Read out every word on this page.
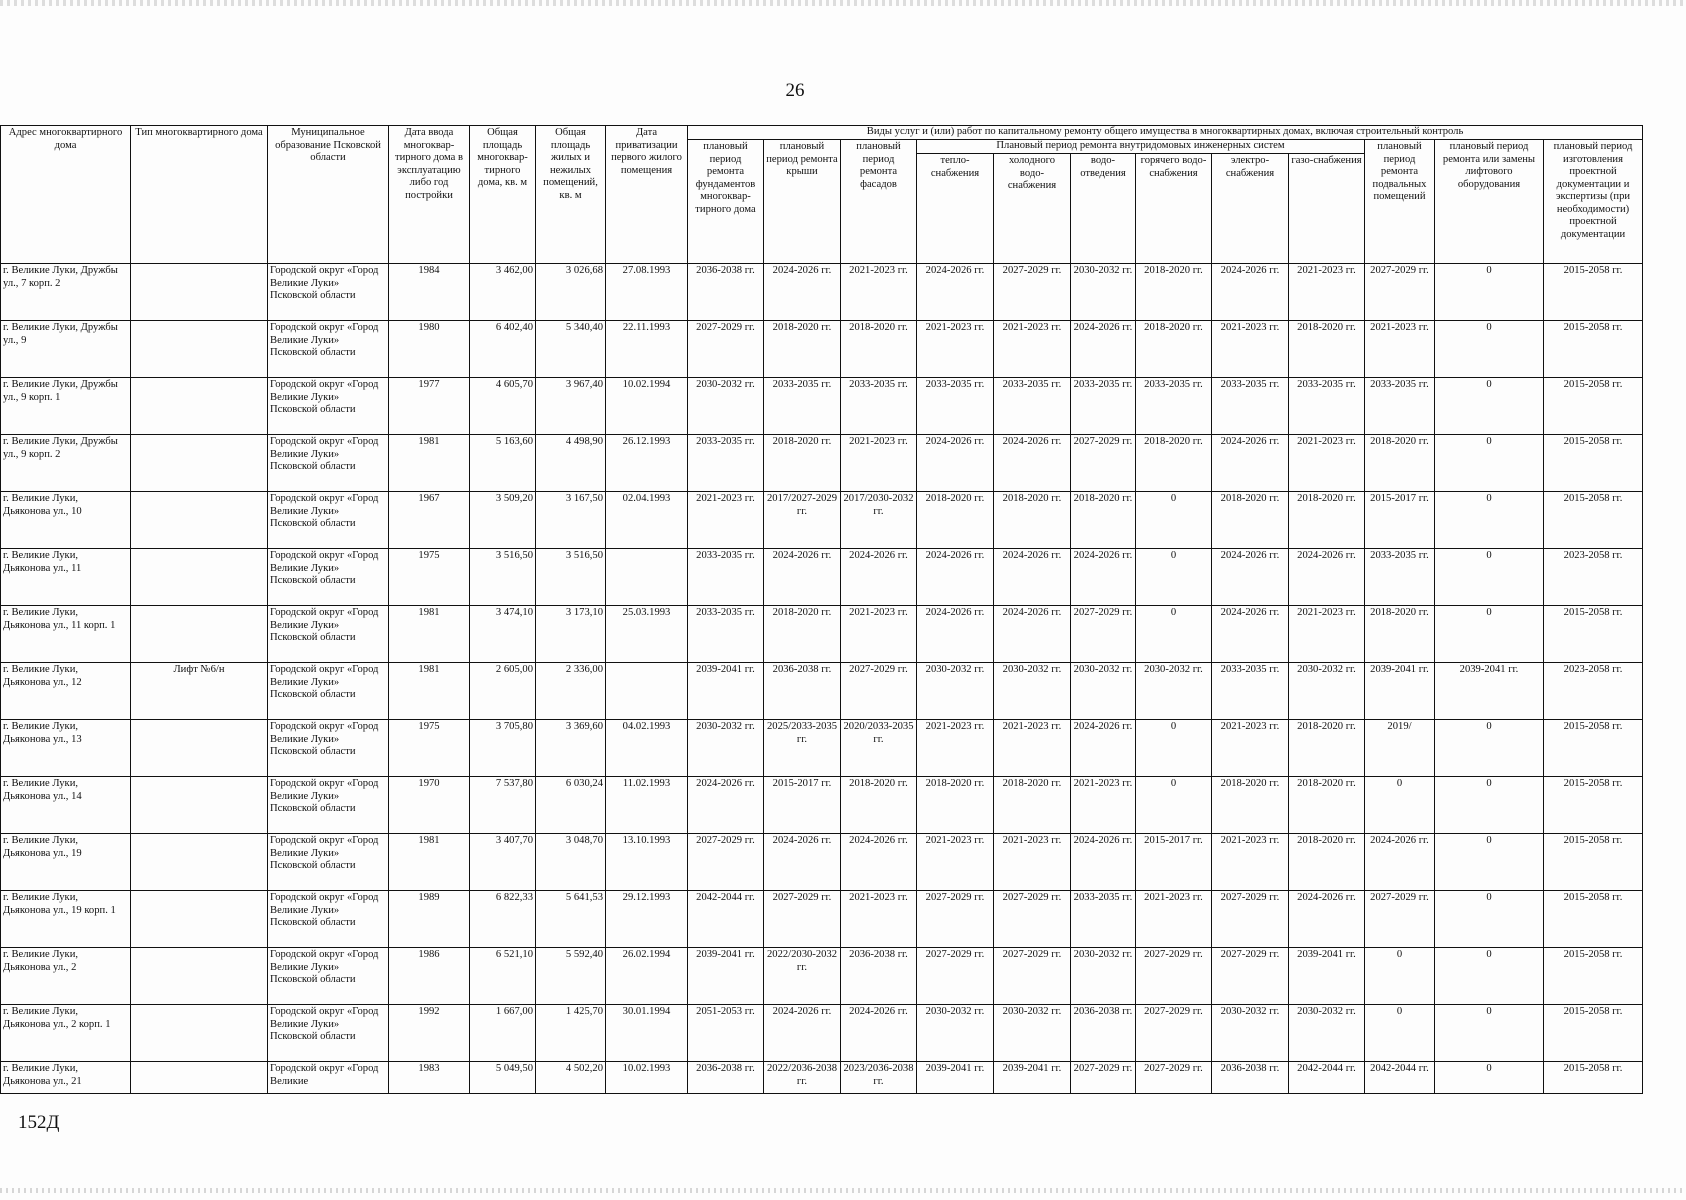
26
Адрес многоквартирного дома	Тип многоквартирного дома	Муниципальное образование Псковской области	Дата ввода многоквар-тирного дома в эксплуатацию либо год постройки	Общая площадь многоквар-тирного дома, кв. м	Общая площадь жилых и нежилых помещений, кв. м	Дата приватизации первого жилого помещения	Виды услуг и (или) работ по капитальному ремонту общего имущества в многоквартирных домах, включая строительный контроль											
							плановый период ремонта фундаментов многоквар-тирного дома	плановый период ремонта крыши	плановый период ремонта фасадов	Плановый период ремонта внутридомовых инженерных систем						плановый период ремонта подвальных помещений	плановый период ремонта или замены лифтового оборудования	плановый период изготовления проектной документации и экспертизы (при необходимости) проектной документации
										тепло-снабжения	холодного водо-снабжения	водо-отведения	горячего водо-снабжения	электро-снабжения	газо-снабжения			
г. Великие Луки, Дружбы ул., 7 корп. 2		Городской округ «Город Великие Луки» Псковской области	1984	3 462,00	3 026,68	27.08.1993	2036-2038 гг.	2024-2026 гг.	2021-2023 гг.	2024-2026 гг.	2027-2029 гг.	2030-2032 гг.	2018-2020 гг.	2024-2026 гг.	2021-2023 гг.	2027-2029 гг.	0	2015-2058 гг.
г. Великие Луки, Дружбы ул., 9		Городской округ «Город Великие Луки» Псковской области	1980	6 402,40	5 340,40	22.11.1993	2027-2029 гг.	2018-2020 гг.	2018-2020 гг.	2021-2023 гг.	2021-2023 гг.	2024-2026 гг.	2018-2020 гг.	2021-2023 гг.	2018-2020 гг.	2021-2023 гг.	0	2015-2058 гг.
г. Великие Луки, Дружбы ул., 9 корп. 1		Городской округ «Город Великие Луки» Псковской области	1977	4 605,70	3 967,40	10.02.1994	2030-2032 гг.	2033-2035 гг.	2033-2035 гг.	2033-2035 гг.	2033-2035 гг.	2033-2035 гг.	2033-2035 гг.	2033-2035 гг.	2033-2035 гг.	2033-2035 гг.	0	2015-2058 гг.
г. Великие Луки, Дружбы ул., 9 корп. 2		Городской округ «Город Великие Луки» Псковской области	1981	5 163,60	4 498,90	26.12.1993	2033-2035 гг.	2018-2020 гг.	2021-2023 гг.	2024-2026 гг.	2024-2026 гг.	2027-2029 гг.	2018-2020 гг.	2024-2026 гг.	2021-2023 гг.	2018-2020 гг.	0	2015-2058 гг.
г. Великие Луки, Дьяконова ул., 10		Городской округ «Город Великие Луки» Псковской области	1967	3 509,20	3 167,50	02.04.1993	2021-2023 гг.	2017/2027-2029 гг.	2017/2030-2032 гг.	2018-2020 гг.	2018-2020 гг.	2018-2020 гг.	0	2018-2020 гг.	2018-2020 гг.	2015-2017 гг.	0	2015-2058 гг.
г. Великие Луки, Дьяконова ул., 11		Городской округ «Город Великие Луки» Псковской области	1975	3 516,50	3 516,50		2033-2035 гг.	2024-2026 гг.	2024-2026 гг.	2024-2026 гг.	2024-2026 гг.	2024-2026 гг.	0	2024-2026 гг.	2024-2026 гг.	2033-2035 гг.	0	2023-2058 гг.
г. Великие Луки, Дьяконова ул., 11 корп. 1		Городской округ «Город Великие Луки» Псковской области	1981	3 474,10	3 173,10	25.03.1993	2033-2035 гг.	2018-2020 гг.	2021-2023 гг.	2024-2026 гг.	2024-2026 гг.	2027-2029 гг.	0	2024-2026 гг.	2021-2023 гг.	2018-2020 гг.	0	2015-2058 гг.
г. Великие Луки, Дьяконова ул., 12	Лифт №6/н	Городской округ «Город Великие Луки» Псковской области	1981	2 605,00	2 336,00		2039-2041 гг.	2036-2038 гг.	2027-2029 гг.	2030-2032 гг.	2030-2032 гг.	2030-2032 гг.	2030-2032 гг.	2033-2035 гг.	2030-2032 гг.	2039-2041 гг.	2039-2041 гг.	2023-2058 гг.
г. Великие Луки, Дьяконова ул., 13		Городской округ «Город Великие Луки» Псковской области	1975	3 705,80	3 369,60	04.02.1993	2030-2032 гг.	2025/2033-2035 гг.	2020/2033-2035 гг.	2021-2023 гг.	2021-2023 гг.	2024-2026 гг.	0	2021-2023 гг.	2018-2020 гг.	2019/	0	2015-2058 гг.
г. Великие Луки, Дьяконова ул., 14		Городской округ «Город Великие Луки» Псковской области	1970	7 537,80	6 030,24	11.02.1993	2024-2026 гг.	2015-2017 гг.	2018-2020 гг.	2018-2020 гг.	2018-2020 гг.	2021-2023 гг.	0	2018-2020 гг.	2018-2020 гг.	0	0	2015-2058 гг.
г. Великие Луки, Дьяконова ул., 19		Городской округ «Город Великие Луки» Псковской области	1981	3 407,70	3 048,70	13.10.1993	2027-2029 гг.	2024-2026 гг.	2024-2026 гг.	2021-2023 гг.	2021-2023 гг.	2024-2026 гг.	2015-2017 гг.	2021-2023 гг.	2018-2020 гг.	2024-2026 гг.	0	2015-2058 гг.
г. Великие Луки, Дьяконова ул., 19 корп. 1		Городской округ «Город Великие Луки» Псковской области	1989	6 822,33	5 641,53	29.12.1993	2042-2044 гг.	2027-2029 гг.	2021-2023 гг.	2027-2029 гг.	2027-2029 гг.	2033-2035 гг.	2021-2023 гг.	2027-2029 гг.	2024-2026 гг.	2027-2029 гг.	0	2015-2058 гг.
г. Великие Луки, Дьяконова ул., 2		Городской округ «Город Великие Луки» Псковской области	1986	6 521,10	5 592,40	26.02.1994	2039-2041 гг.	2022/2030-2032 гг.	2036-2038 гг.	2027-2029 гг.	2027-2029 гг.	2030-2032 гг.	2027-2029 гг.	2027-2029 гг.	2039-2041 гг.	0	0	2015-2058 гг.
г. Великие Луки, Дьяконова ул., 2 корп. 1		Городской округ «Город Великие Луки» Псковской области	1992	1 667,00	1 425,70	30.01.1994	2051-2053 гг.	2024-2026 гг.	2024-2026 гг.	2030-2032 гг.	2030-2032 гг.	2036-2038 гг.	2027-2029 гг.	2030-2032 гг.	2030-2032 гг.	0	0	2015-2058 гг.
г. Великие Луки, Дьяконова ул., 21		Городской округ «Город Великие	1983	5 049,50	4 502,20	10.02.1993	2036-2038 гг.	2022/2036-2038 гг.	2023/2036-2038 гг.	2039-2041 гг.	2039-2041 гг.	2027-2029 гг.	2027-2029 гг.	2036-2038 гг.	2042-2044 гг.	2042-2044 гг.	0	2015-2058 гг.
152Д
